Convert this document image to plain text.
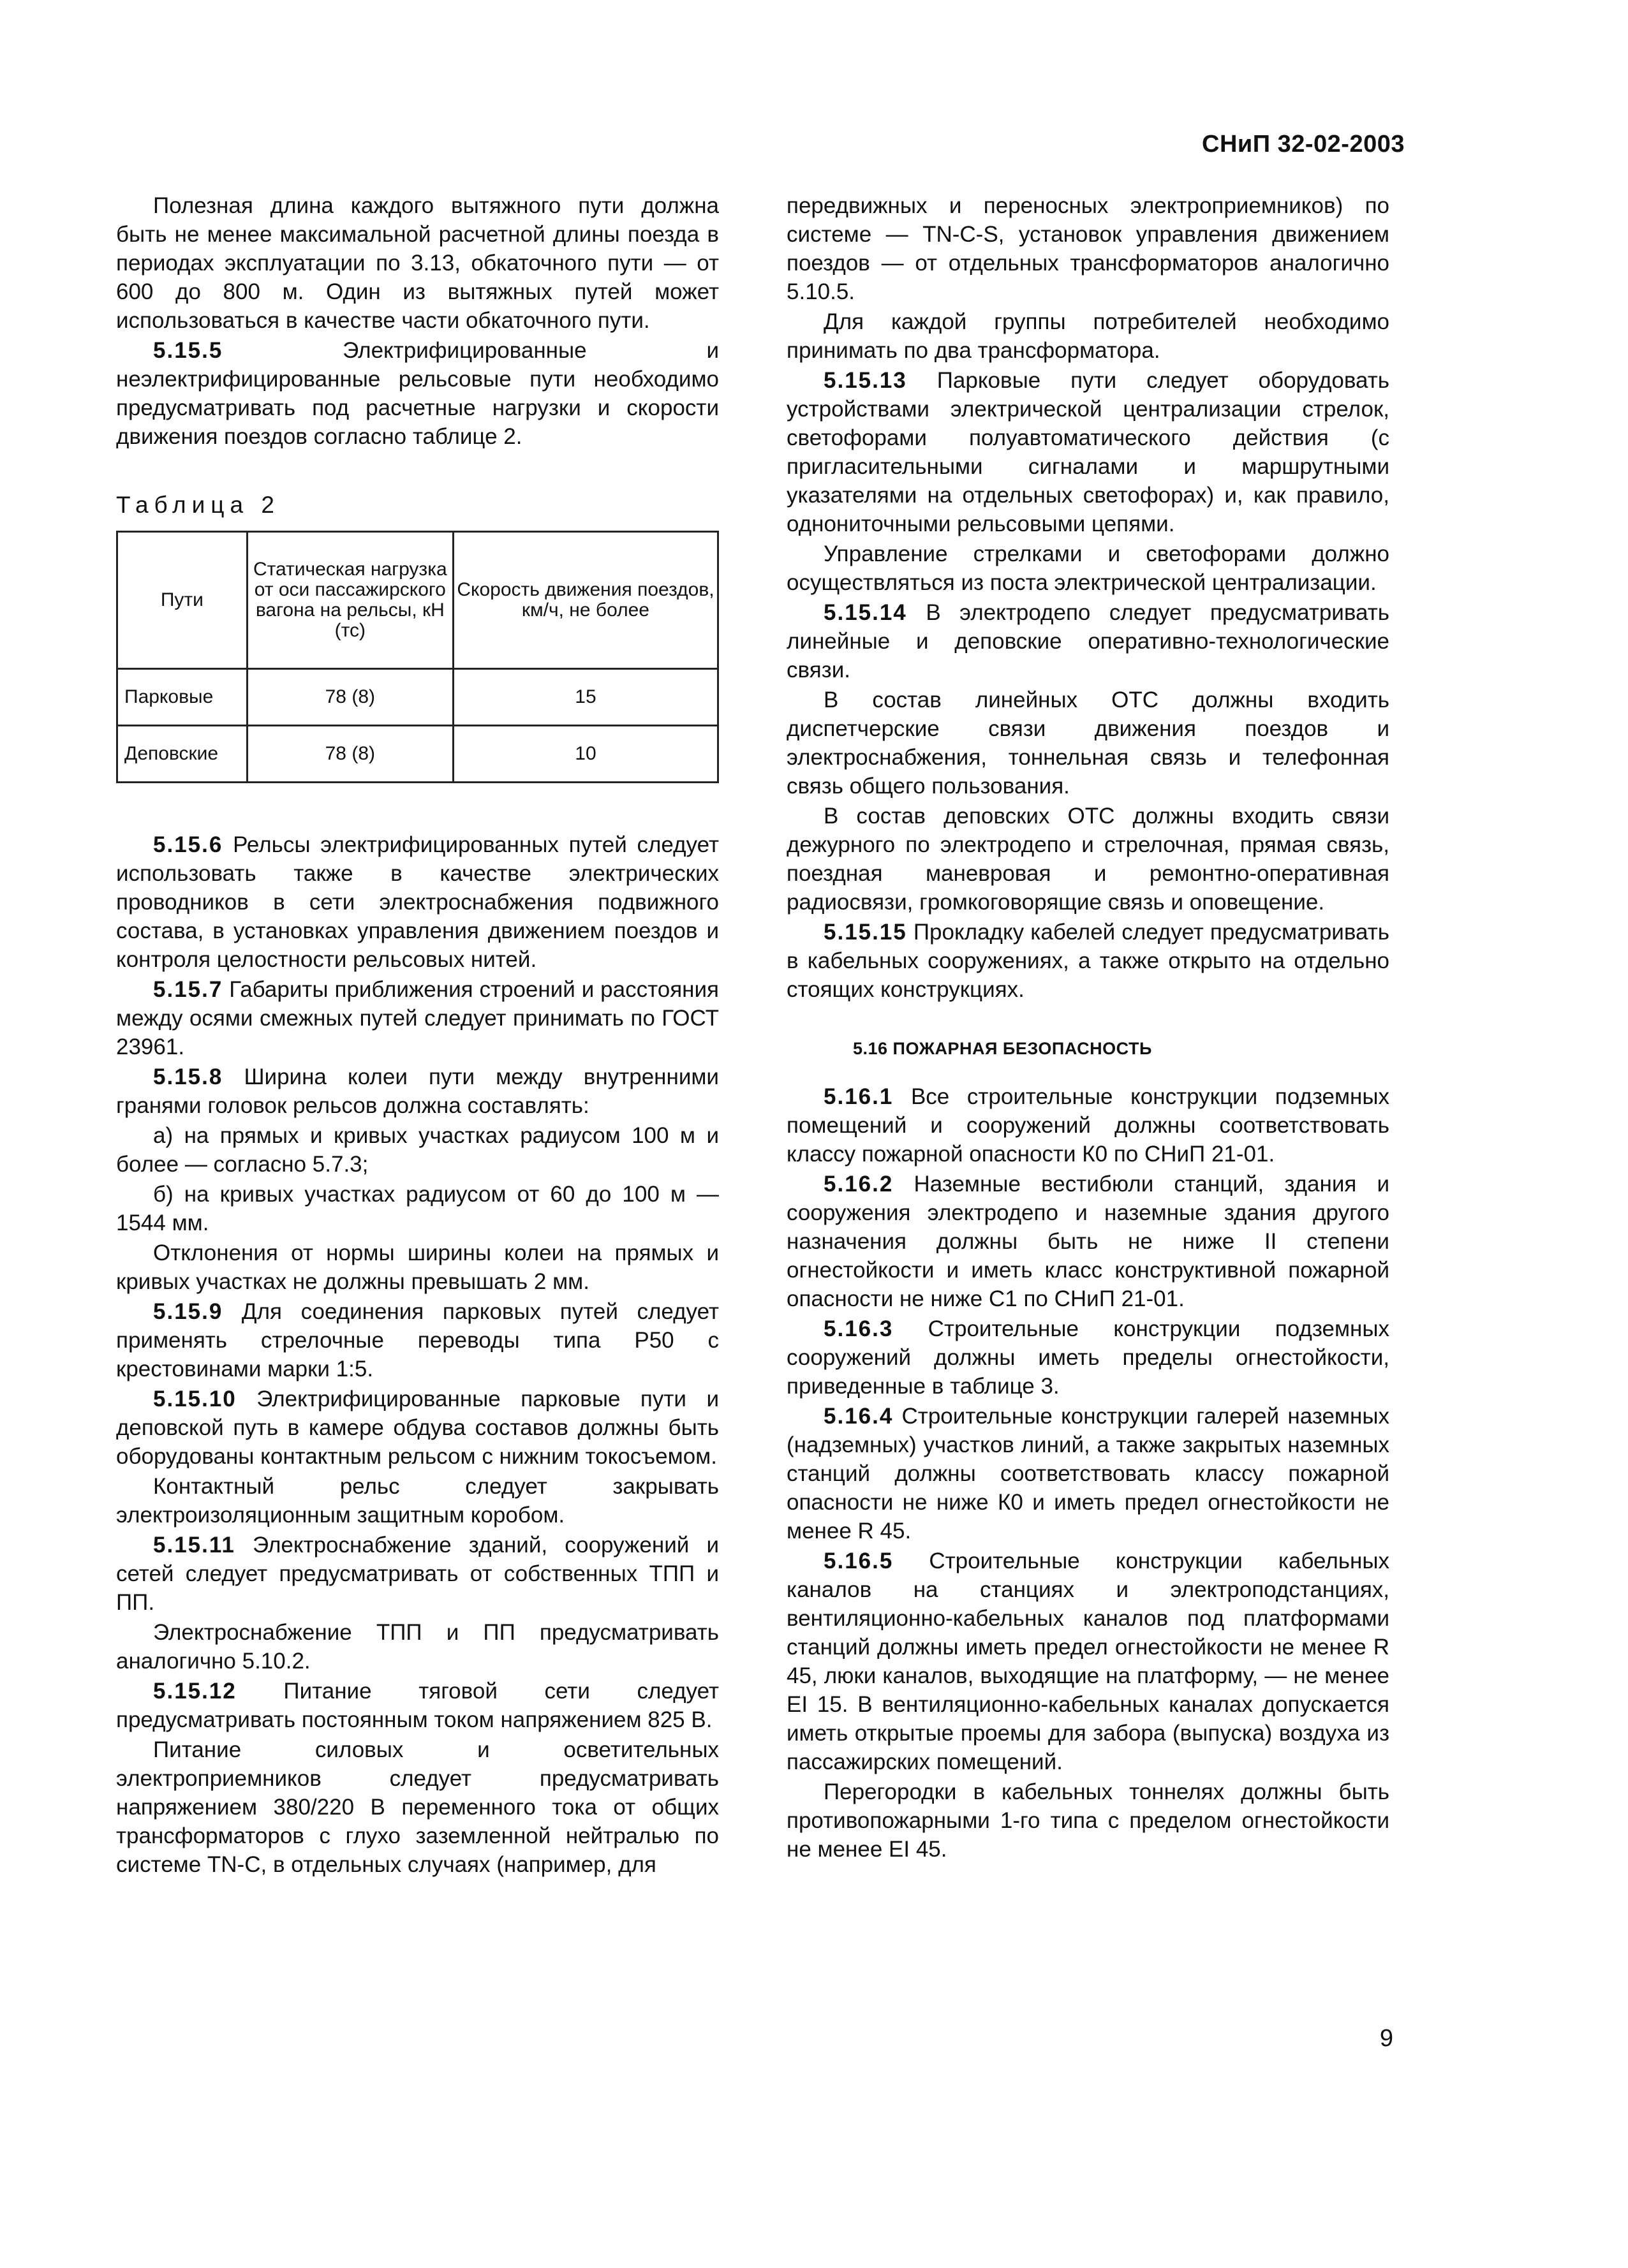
СНиП 32-02-2003

Полезная длина каждого вытяжного пути должна быть не менее максимальной расчетной длины поезда в периодах эксплуатации по 3.13, обкаточного пути — от 600 до 800 м. Один из вытяжных путей может использоваться в качестве части обкаточного пути.

5.15.5	Электрифицированные и неэлектрифицированные рельсовые пути необходимо предусматривать под расчетные нагрузки и скорости движения поездов согласно таблице 2.

Таблица 2
Пути	Статическая нагрузка от оси пассажирского вагона на рельсы, кН (тс)	Скорость движения поездов, км/ч, не более
Парковые	78 (8)	15
Деповские	78 (8)	10

5.15.6 Рельсы электрифицированных путей следует использовать также в качестве электрических проводников в сети электроснабжения подвижного состава, в установках управления движением поездов и контроля целостности рельсовых нитей.

5.15.7 Габариты приближения строений и расстояния между осями смежных путей следует принимать по ГОСТ 23961.

5.15.8 Ширина колеи пути между внутренними гранями головок рельсов должна составлять:

а) на прямых и кривых участках радиусом 100 м и более — согласно 5.7.3;

б) на кривых участках радиусом от 60 до 100 м — 1544 мм.

Отклонения от нормы ширины колеи на прямых и кривых участках не должны превышать 2 мм.

5.15.9 Для соединения парковых путей следует применять стрелочные переводы типа Р50 с крестовинами марки 1:5.

5.15.10 Электрифицированные парковые пути и деповской путь в камере обдува составов должны быть оборудованы контактным рельсом с нижним токосъемом.

Контактный рельс следует закрывать электроизоляционным защитным коробом.

5.15.11 Электроснабжение зданий, сооружений и сетей следует предусматривать от собственных ТПП и ПП.

Электроснабжение ТПП и ПП предусматривать аналогично 5.10.2.

5.15.12 Питание тяговой сети следует предусматривать постоянным током напряжением 825 В.

Питание силовых и осветительных электроприемников следует предусматривать напряжением 380/220 В переменного тока от общих трансформаторов с глухо заземленной нейтралью по системе TN-C, в отдельных случаях (например, для

передвижных и переносных электроприемников) по системе — TN-C-S, установок управления движением поездов — от отдельных трансформаторов аналогично 5.10.5.

Для каждой группы потребителей необходимо принимать по два трансформатора.

5.15.13 Парковые пути следует оборудовать устройствами электрической централизации стрелок, светофорами полуавтоматического действия (с пригласительными сигналами и маршрутными указателями на отдельных светофорах) и, как правило, однониточными рельсовыми цепями.

Управление стрелками и светофорами должно осуществляться из поста электрической централизации.

5.15.14 В электродепо следует предусматривать линейные и деповские оперативно-технологические связи.

В состав линейных ОТС должны входить диспетчерские связи движения поездов и электроснабжения, тоннельная связь и телефонная связь общего пользования.

В состав деповских ОТС должны входить связи дежурного по электродепо и стрелочная, прямая связь, поездная маневровая и ремонтно-оперативная радиосвязи, громкоговорящие связь и оповещение.

5.15.15 Прокладку кабелей следует предусматривать в кабельных сооружениях, а также открыто на отдельно стоящих конструкциях.

5.16 ПОЖАРНАЯ БЕЗОПАСНОСТЬ

5.16.1 Все строительные конструкции подземных помещений и сооружений должны соответствовать классу пожарной опасности К0 по СНиП 21-01.

5.16.2 Наземные вестибюли станций, здания и сооружения электродепо и наземные здания другого назначения должны быть не ниже II степени огнестойкости и иметь класс конструктивной пожарной опасности не ниже С1 по СНиП 21-01.

5.16.3 Строительные конструкции подземных сооружений должны иметь пределы огнестойкости, приведенные в таблице 3.

5.16.4 Строительные конструкции галерей наземных (надземных) участков линий, а также закрытых наземных станций должны соответствовать классу пожарной опасности не ниже К0 и иметь предел огнестойкости не менее R 45.

5.16.5 Строительные конструкции кабельных каналов на станциях и электроподстанциях, вентиляционно-кабельных каналов под платформами станций должны иметь предел огнестойкости не менее R 45, люки каналов, выходящие на платформу, — не менее EI 15. В вентиляционно-кабельных каналах допускается иметь открытые проемы для забора (выпуска) воздуха из пассажирских помещений.

Перегородки в кабельных тоннелях должны быть противопожарными 1-го типа с пределом огнестойкости не менее EI 45.

9
